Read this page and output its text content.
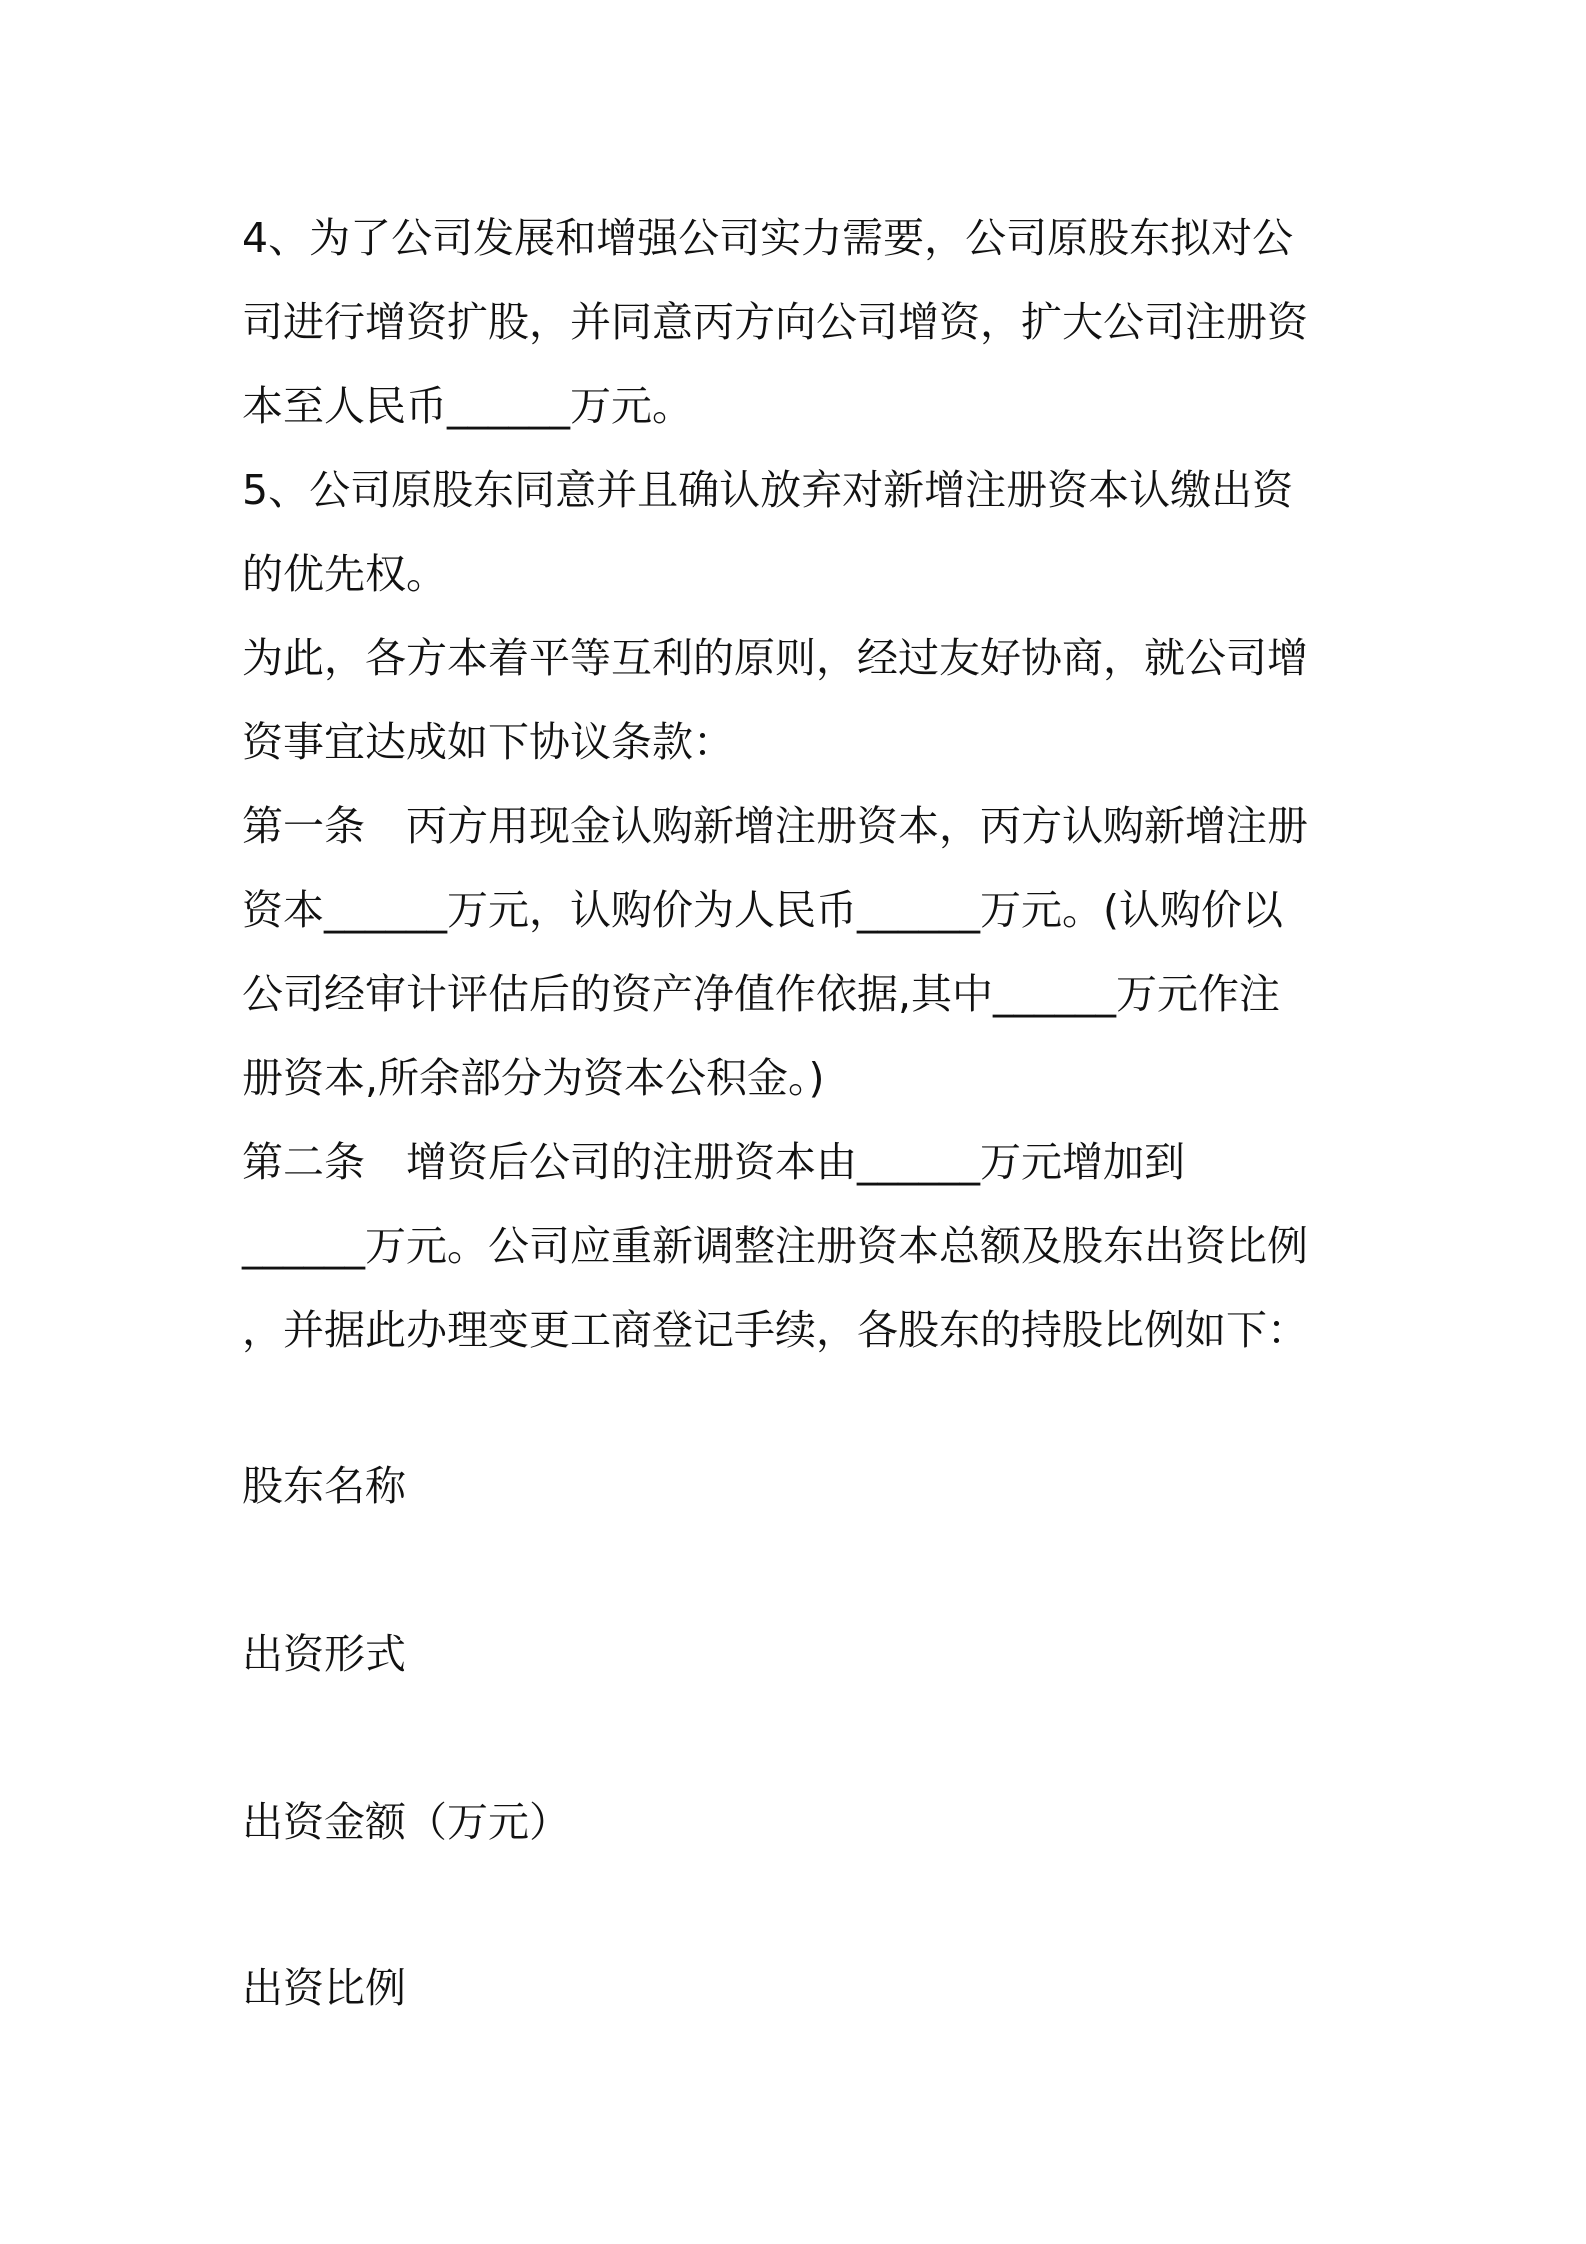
4、为了公司发展和增强公司实力需要，公司原股东拟对公
司进行增资扩股，并同意丙方向公司增资，扩大公司注册资
本至人民币______万元。
5、公司原股东同意并且确认放弃对新增注册资本认缴出资
的优先权。
为此，各方本着平等互利的原则，经过友好协商，就公司增
资事宜达成如下协议条款：
第一条　丙方用现金认购新增注册资本，丙方认购新增注册
资本______万元，认购价为人民币______万元。(认购价以
公司经审计评估后的资产净值作依据,其中______万元作注
册资本,所余部分为资本公积金。)
第二条　增资后公司的注册资本由______万元增加到
______万元。公司应重新调整注册资本总额及股东出资比例
，并据此办理变更工商登记手续，各股东的持股比例如下：
股东名称
出资形式
出资金额（万元）
出资比例
